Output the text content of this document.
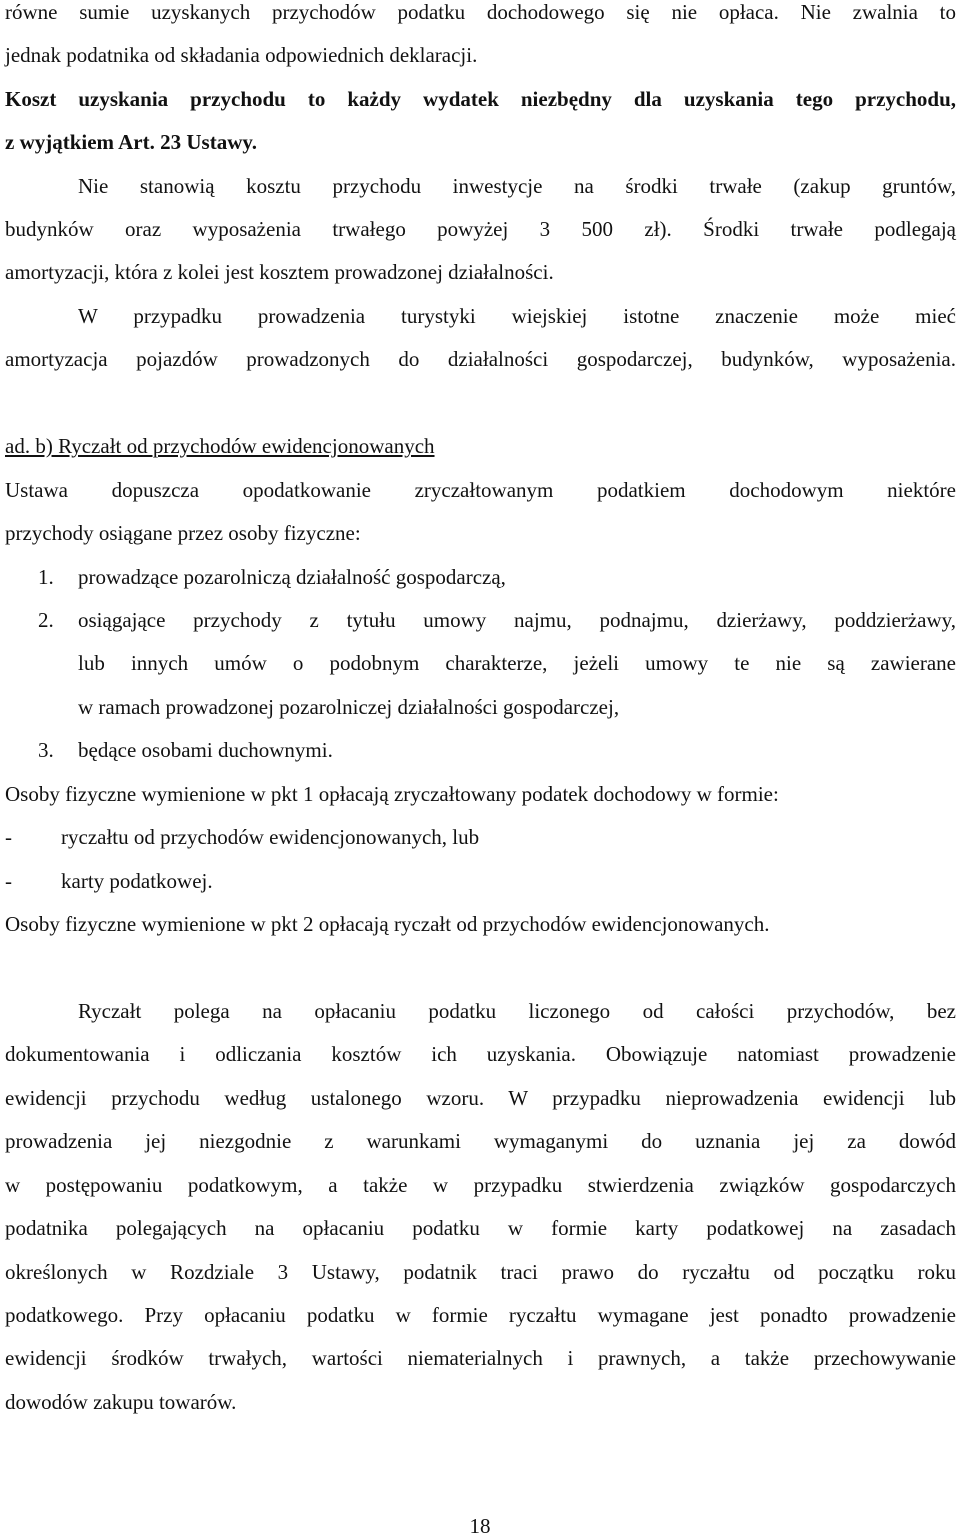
równe sumie uzyskanych przychodów podatku dochodowego się nie opłaca. Nie zwalnia to
jednak podatnika od składania odpowiednich deklaracji.
Koszt uzyskania przychodu to każdy wydatek niezbędny dla uzyskania tego przychodu,
z wyjątkiem Art. 23 Ustawy.
Nie stanowią kosztu przychodu inwestycje na środki trwałe (zakup gruntów,
budynków oraz wyposażenia trwałego powyżej 3 500 zł). Środki trwałe podlegają
amortyzacji, która z kolei jest kosztem prowadzonej działalności.
W przypadku prowadzenia turystyki wiejskiej istotne znaczenie może mieć
amortyzacja pojazdów prowadzonych do działalności gospodarczej, budynków, wyposażenia.
ad. b) Ryczałt od przychodów ewidencjonowanych
Ustawa dopuszcza opodatkowanie zryczałtowanym podatkiem dochodowym niektóre
przychody osiągane przez osoby fizyczne:
1.	prowadzące pozarolniczą działalność gospodarczą,
2.	osiągające przychody z tytułu umowy najmu, podnajmu, dzierżawy, poddzierżawy,
lub innych umów o podobnym charakterze, jeżeli umowy te nie są zawierane
w ramach prowadzonej pozarolniczej działalności gospodarczej,
3.	będące osobami duchownymi.
Osoby fizyczne wymienione w pkt 1 opłacają zryczałtowany podatek dochodowy w formie:
-	ryczałtu od przychodów ewidencjonowanych, lub
-	karty podatkowej.
Osoby fizyczne wymienione w pkt 2 opłacają ryczałt od przychodów ewidencjonowanych.
Ryczałt polega na opłacaniu podatku liczonego od całości przychodów, bez
dokumentowania i odliczania kosztów ich uzyskania. Obowiązuje natomiast prowadzenie
ewidencji przychodu według ustalonego wzoru. W przypadku nieprowadzenia ewidencji lub
prowadzenia jej niezgodnie z warunkami wymaganymi do uznania jej za dowód
w postępowaniu podatkowym, a także w przypadku stwierdzenia związków gospodarczych
podatnika polegających na opłacaniu podatku w formie karty podatkowej na zasadach
określonych w Rozdziale 3 Ustawy, podatnik traci prawo do ryczałtu od początku roku
podatkowego. Przy opłacaniu podatku w formie ryczałtu wymagane jest ponadto prowadzenie
ewidencji środków trwałych, wartości niematerialnych i prawnych, a także przechowywanie
dowodów zakupu towarów.
18
